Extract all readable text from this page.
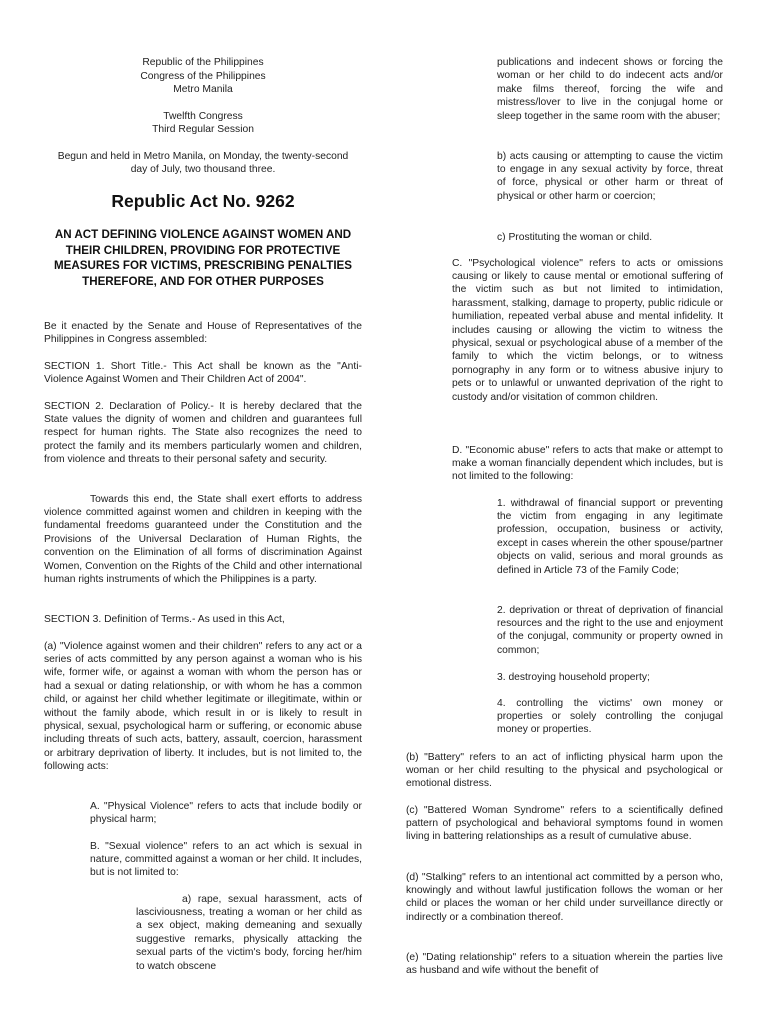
Republic of the Philippines

Congress of the Philippines

Metro Manila

Twelfth Congress

Third Regular Session

Begun and held in Metro Manila, on Monday, the twenty-second day of July, two thousand three.

Republic Act No. 9262
AN ACT DEFINING VIOLENCE AGAINST WOMEN AND THEIR CHILDREN, PROVIDING FOR PROTECTIVE MEASURES FOR VICTIMS, PRESCRIBING PENALTIES THEREFORE, AND FOR OTHER PURPOSES

Be it enacted by the Senate and House of Representatives of the Philippines in Congress assembled:

SECTION 1. Short Title.- This Act shall be known as the "Anti-Violence Against Women and Their Children Act of 2004".

SECTION 2. Declaration of Policy.- It is hereby declared that the State values the dignity of women and children and guarantees full respect for human rights. The State also recognizes the need to protect the family and its members particularly women and children, from violence and threats to their personal safety and security.

Towards this end, the State shall exert efforts to address violence committed against women and children in keeping with the fundamental freedoms guaranteed under the Constitution and the Provisions of the Universal Declaration of Human Rights, the convention on the Elimination of all forms of discrimination Against Women, Convention on the Rights of the Child and other international human rights instruments of which the Philippines is a party.

SECTION 3. Definition of Terms.- As used in this Act,

(a) "Violence against women and their children" refers to any act or a series of acts committed by any person against a woman who is his wife, former wife, or against a woman with whom the person has or had a sexual or dating relationship, or with whom he has a common child, or against her child whether legitimate or illegitimate, within or without the family abode, which result in or is likely to result in physical, sexual, psychological harm or suffering, or economic abuse including threats of such acts, battery, assault, coercion, harassment or arbitrary deprivation of liberty. It includes, but is not limited to, the following acts:

A. "Physical Violence" refers to acts that include bodily or physical harm;

B. "Sexual violence" refers to an act which is sexual in nature, committed against a woman or her child. It includes, but is not limited to:

a) rape, sexual harassment, acts of lasciviousness, treating a woman or her child as a sex object, making demeaning and sexually suggestive remarks, physically attacking the sexual parts of the victim's body, forcing her/him to watch obscene

publications and indecent shows or forcing the woman or her child to do indecent acts and/or make films thereof, forcing the wife and mistress/lover to live in the conjugal home or sleep together in the same room with the abuser;

b) acts causing or attempting to cause the victim to engage in any sexual activity by force, threat of force, physical or other harm or threat of physical or other harm or coercion;

c) Prostituting the woman or child.

C. "Psychological violence" refers to acts or omissions causing or likely to cause mental or emotional suffering of the victim such as but not limited to intimidation, harassment, stalking, damage to property, public ridicule or humiliation, repeated verbal abuse and mental infidelity. It includes causing or allowing the victim to witness the physical, sexual or psychological abuse of a member of the family to which the victim belongs, or to witness pornography in any form or to witness abusive injury to pets or to unlawful or unwanted deprivation of the right to custody and/or visitation of common children.

D. "Economic abuse" refers to acts that make or attempt to make a woman financially dependent which includes, but is not limited to the following:

1. withdrawal of financial support or preventing the victim from engaging in any legitimate profession, occupation, business or activity, except in cases wherein the other spouse/partner objects on valid, serious and moral grounds as defined in Article 73 of the Family Code;

2. deprivation or threat of deprivation of financial resources and the right to the use and enjoyment of the conjugal, community or property owned in common;

3. destroying household property;

4. controlling the victims' own money or properties or solely controlling the conjugal money or properties.

(b) "Battery" refers to an act of inflicting physical harm upon the woman or her child resulting to the physical and psychological or emotional distress.

(c) "Battered Woman Syndrome" refers to a scientifically defined pattern of psychological and behavioral symptoms found in women living in battering relationships as a result of cumulative abuse.

(d) "Stalking" refers to an intentional act committed by a person who, knowingly and without lawful justification follows the woman or her child or places the woman or her child under surveillance directly or indirectly or a combination thereof.

(e) "Dating relationship" refers to a situation wherein the parties live as husband and wife without the benefit of
